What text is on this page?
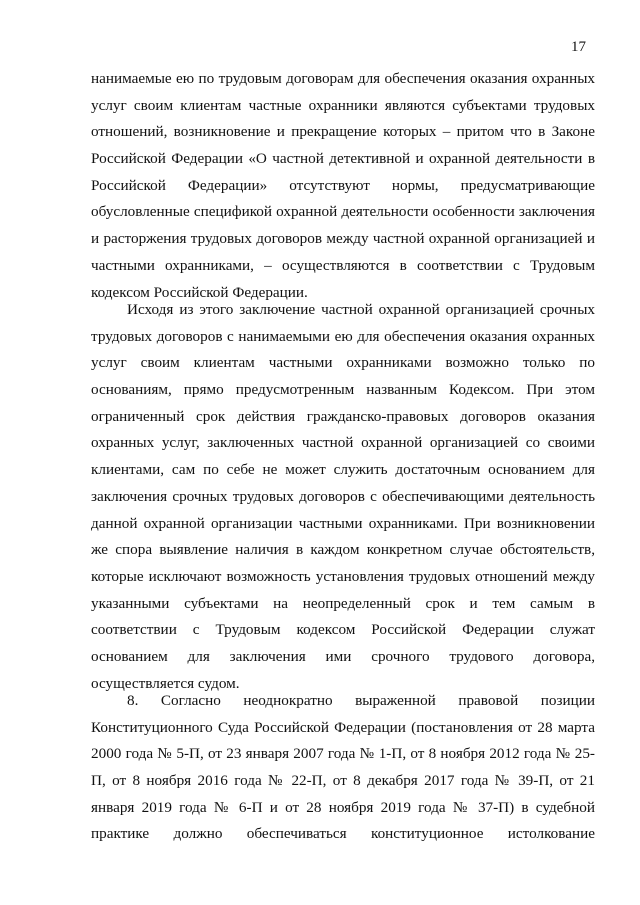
17
нанимаемые ею по трудовым договорам для обеспечения оказания охранных
услуг своим клиентам частные охранники являются субъектами трудовых
отношений, возникновение и прекращение которых – притом что в Законе
Российской Федерации «О частной детективной и охранной деятельности в
Российской Федерации» отсутствуют нормы, предусматривающие
обусловленные спецификой охранной деятельности особенности заключения
и расторжения трудовых договоров между частной охранной организацией и
частными охранниками, – осуществляются в соответствии с Трудовым
кодексом Российской Федерации.
Исходя из этого заключение частной охранной организацией срочных
трудовых договоров с нанимаемыми ею для обеспечения оказания охранных
услуг своим клиентам частными охранниками возможно только по
основаниям, прямо предусмотренным названным Кодексом. При этом
ограниченный срок действия гражданско-правовых договоров оказания
охранных услуг, заключенных частной охранной организацией со своими
клиентами, сам по себе не может служить достаточным основанием для
заключения срочных трудовых договоров с обеспечивающими деятельность
данной охранной организации частными охранниками. При возникновении
же спора выявление наличия в каждом конкретном случае обстоятельств,
которые исключают возможность установления трудовых отношений между
указанными субъектами на неопределенный срок и тем самым в
соответствии с Трудовым кодексом Российской Федерации служат
основанием для заключения ими срочного трудового договора,
осуществляется судом.
8. Согласно неоднократно выраженной правовой позиции
Конституционного Суда Российской Федерации (постановления от 28 марта
2000 года № 5-П, от 23 января 2007 года № 1-П, от 8 ноября 2012 года № 25-
П, от 8 ноября 2016 года № 22-П, от 8 декабря 2017 года № 39-П, от 21
января 2019 года № 6-П и от 28 ноября 2019 года № 37-П) в судебной
практике должно обеспечиваться конституционное истолкование
